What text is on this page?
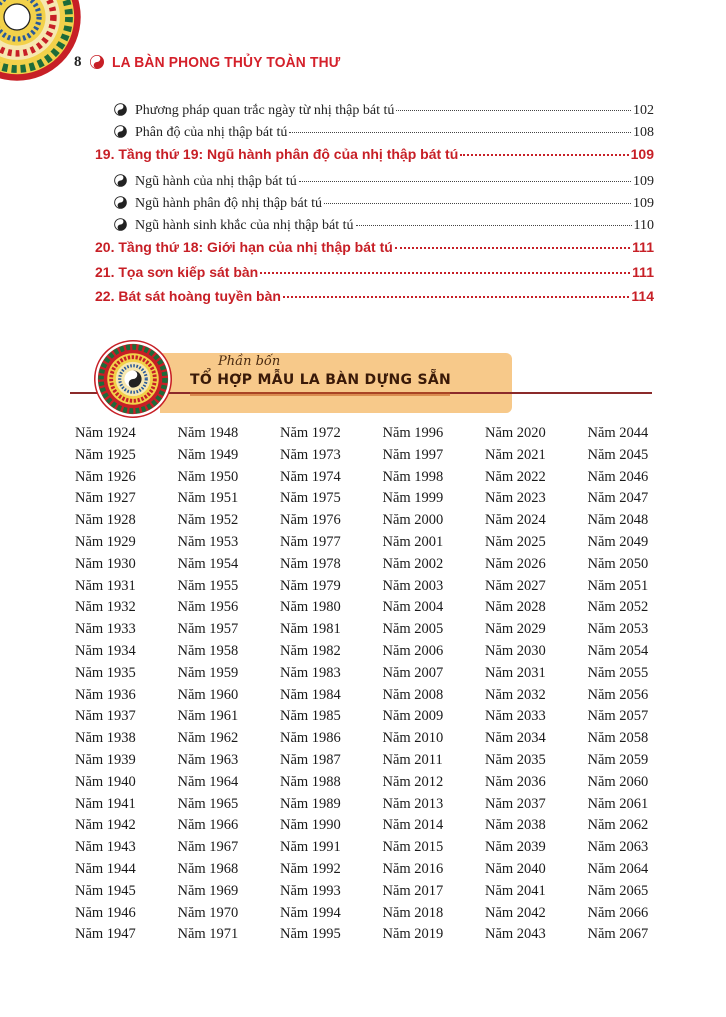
8 LA BÀN PHONG THỦY TOÀN THƯ
Phương pháp quan trắc ngày từ nhị thập bát tú	102
Phân độ của nhị thập bát tú	108
19. Tầng thứ 19: Ngũ hành phân độ của nhị thập bát tú	109
Ngũ hành của nhị thập bát tú	109
Ngũ hành phân độ nhị thập bát tú	109
Ngũ hành sinh khắc của nhị thập bát tú	110
20. Tầng thứ 18: Giới hạn của nhị thập bát tú	111
21. Tọa sơn kiếp sát bàn	111
22. Bát sát hoàng tuyền bàn	114
Phần bốn
TỔ HỢP MẪU LA BÀN DỰNG SẴN
Năm 1924	Năm 1948	Năm 1972	Năm 1996	Năm 2020	Năm 2044
Năm 1925	Năm 1949	Năm 1973	Năm 1997	Năm 2021	Năm 2045
Năm 1926	Năm 1950	Năm 1974	Năm 1998	Năm 2022	Năm 2046
Năm 1927	Năm 1951	Năm 1975	Năm 1999	Năm 2023	Năm 2047
Năm 1928	Năm 1952	Năm 1976	Năm 2000	Năm 2024	Năm 2048
Năm 1929	Năm 1953	Năm 1977	Năm 2001	Năm 2025	Năm 2049
Năm 1930	Năm 1954	Năm 1978	Năm 2002	Năm 2026	Năm 2050
Năm 1931	Năm 1955	Năm 1979	Năm 2003	Năm 2027	Năm 2051
Năm 1932	Năm 1956	Năm 1980	Năm 2004	Năm 2028	Năm 2052
Năm 1933	Năm 1957	Năm 1981	Năm 2005	Năm 2029	Năm 2053
Năm 1934	Năm 1958	Năm 1982	Năm 2006	Năm 2030	Năm 2054
Năm 1935	Năm 1959	Năm 1983	Năm 2007	Năm 2031	Năm 2055
Năm 1936	Năm 1960	Năm 1984	Năm 2008	Năm 2032	Năm 2056
Năm 1937	Năm 1961	Năm 1985	Năm 2009	Năm 2033	Năm 2057
Năm 1938	Năm 1962	Năm 1986	Năm 2010	Năm 2034	Năm 2058
Năm 1939	Năm 1963	Năm 1987	Năm 2011	Năm 2035	Năm 2059
Năm 1940	Năm 1964	Năm 1988	Năm 2012	Năm 2036	Năm 2060
Năm 1941	Năm 1965	Năm 1989	Năm 2013	Năm 2037	Năm 2061
Năm 1942	Năm 1966	Năm 1990	Năm 2014	Năm 2038	Năm 2062
Năm 1943	Năm 1967	Năm 1991	Năm 2015	Năm 2039	Năm 2063
Năm 1944	Năm 1968	Năm 1992	Năm 2016	Năm 2040	Năm 2064
Năm 1945	Năm 1969	Năm 1993	Năm 2017	Năm 2041	Năm 2065
Năm 1946	Năm 1970	Năm 1994	Năm 2018	Năm 2042	Năm 2066
Năm 1947	Năm 1971	Năm 1995	Năm 2019	Năm 2043	Năm 2067
